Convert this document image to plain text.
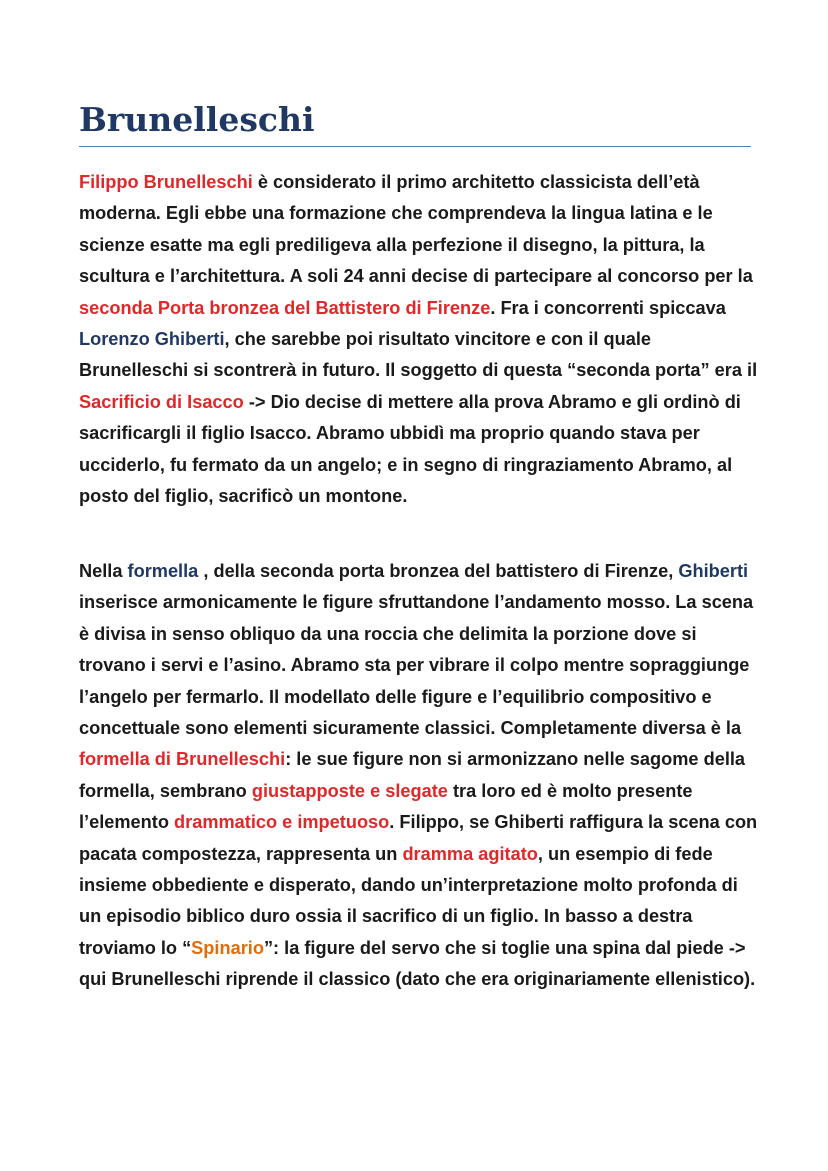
Brunelleschi

Filippo Brunelleschi è considerato il primo architetto classicista dell’età moderna. Egli ebbe una formazione che comprendeva la lingua latina e le scienze esatte ma egli prediligeva alla perfezione il disegno, la pittura, la scultura e l’architettura. A soli 24 anni decise di partecipare al concorso per la seconda Porta bronzea del Battistero di Firenze. Fra i concorrenti spiccava Lorenzo Ghiberti, che sarebbe poi risultato vincitore e con il quale Brunelleschi si scontrerà in futuro. Il soggetto di questa “seconda porta” era il Sacrificio di Isacco -> Dio decise di mettere alla prova Abramo e gli ordinò di sacrificargli il figlio Isacco. Abramo ubbidì ma proprio quando stava per ucciderlo, fu fermato da un angelo; e in segno di ringraziamento Abramo, al posto del figlio, sacrificò un montone.

Nella formella , della seconda porta bronzea del battistero di Firenze, Ghiberti inserisce armonicamente le figure sfruttandone l’andamento mosso. La scena è divisa in senso obliquo da una roccia che delimita la porzione dove si trovano i servi e l’asino. Abramo sta per vibrare il colpo mentre sopraggiunge l’angelo per fermarlo. Il modellato delle figure e l’equilibrio compositivo e concettuale sono elementi sicuramente classici. Completamente diversa è la formella di Brunelleschi: le sue figure non si armonizzano nelle sagome della formella, sembrano giustapposte e slegate tra loro ed è molto presente l’elemento drammatico e impetuoso. Filippo, se Ghiberti raffigura la scena con pacata compostezza, rappresenta un dramma agitato, un esempio di fede insieme obbediente e disperato, dando un’interpretazione molto profonda di un episodio biblico duro ossia il sacrifico di un figlio. In basso a destra troviamo lo “Spinario”: la figure del servo che si toglie una spina dal piede -> qui Brunelleschi riprende il classico (dato che era originariamente ellenistico).
